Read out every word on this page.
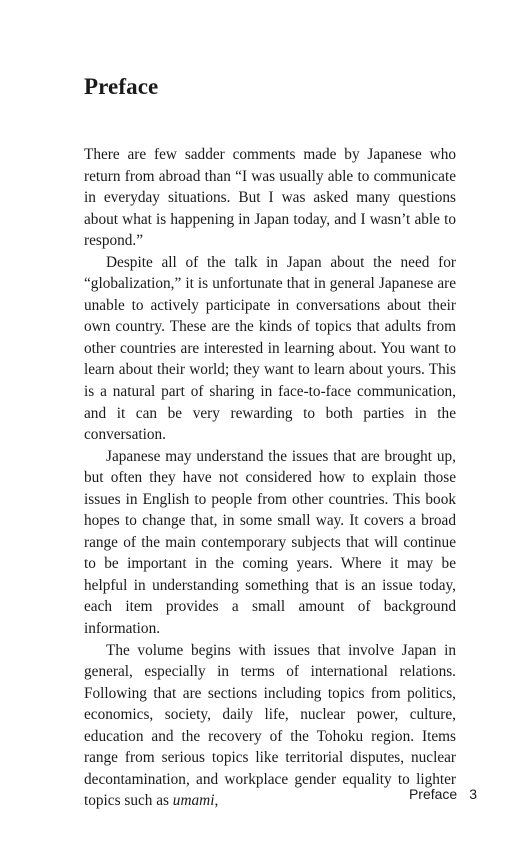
Preface

There are few sadder comments made by Japanese who return from abroad than “I was usually able to communicate in everyday situations. But I was asked many questions about what is happening in Japan today, and I wasn’t able to respond.”

Despite all of the talk in Japan about the need for “globalization,” it is unfortunate that in general Japanese are unable to actively participate in conversations about their own country. These are the kinds of topics that adults from other countries are interested in learning about. You want to learn about their world; they want to learn about yours. This is a natural part of sharing in face-to-face communication, and it can be very rewarding to both parties in the conversation.

Japanese may understand the issues that are brought up, but often they have not considered how to explain those issues in English to people from other countries. This book hopes to change that, in some small way. It covers a broad range of the main contemporary subjects that will continue to be important in the coming years. Where it may be helpful in understanding something that is an issue today, each item provides a small amount of background information.

The volume begins with issues that involve Japan in general, especially in terms of international relations. Following that are sections including topics from politics, economics, society, daily life, nuclear power, culture, education and the recovery of the Tohoku region. Items range from serious topics like territorial disputes, nuclear decontamination, and workplace gender equality to lighter topics such as umami,	Preface 3
